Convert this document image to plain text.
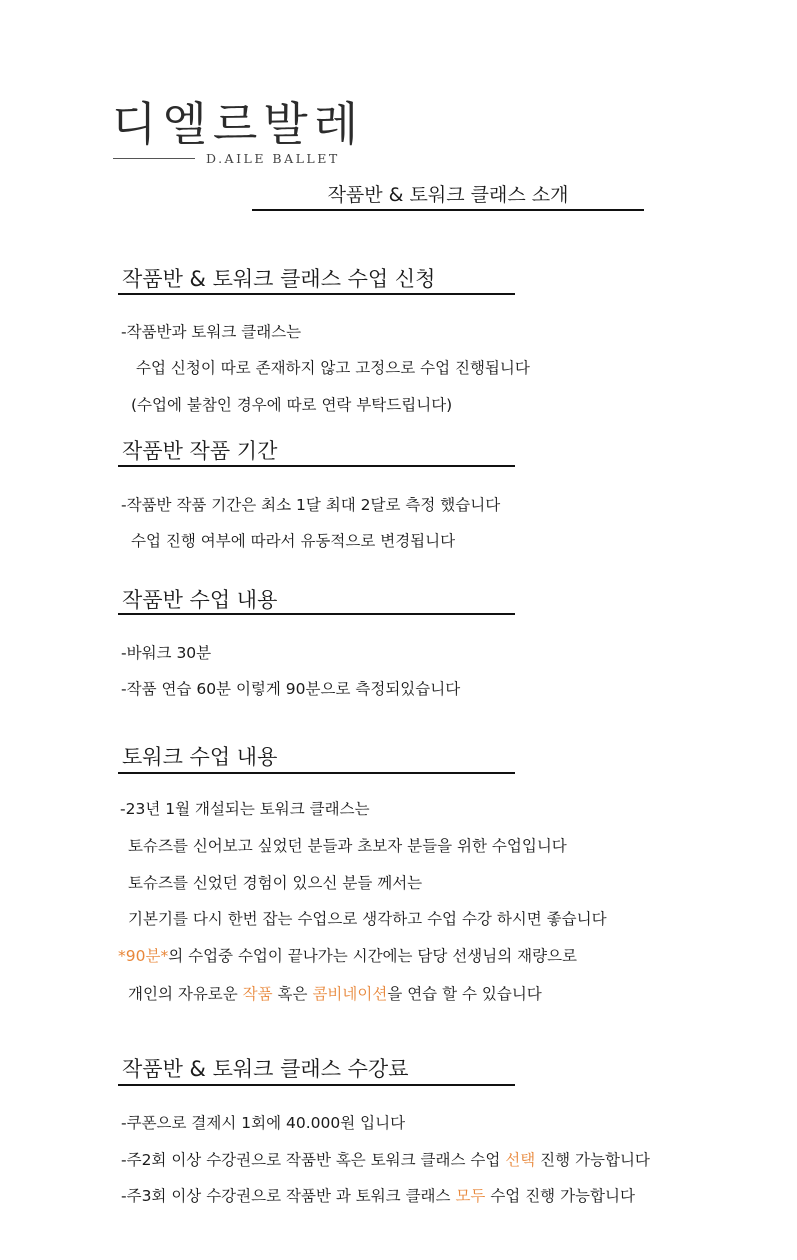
디엘르발레
D.AILE BALLET
작품반 & 토워크 클래스 소개
작품반 & 토워크 클래스 수업 신청
-작품반과 토워크 클래스는
수업 신청이 따로 존재하지 않고 고정으로 수업 진행됩니다
(수업에 불참인 경우에 따로 연락 부탁드립니다)
작품반 작품 기간
-작품반 작품 기간은 최소 1달 최대 2달로 측정 했습니다
수업 진행 여부에 따라서 유동적으로 변경됩니다
작품반 수업 내용
-바워크 30분
-작품 연습 60분 이렇게 90분으로 측정되있습니다
토워크 수업 내용
-23년 1월 개설되는 토워크 클래스는
토슈즈를 신어보고 싶었던 분들과 초보자 분들을 위한 수업입니다
토슈즈를 신었던 경험이 있으신 분들 께서는
기본기를 다시 한번 잡는 수업으로 생각하고 수업 수강 하시면 좋습니다
*90분*의 수업중 수업이 끝나가는 시간에는 담당 선생님의 재량으로
개인의 자유로운 작품 혹은 콤비네이션을 연습 할 수 있습니다
작품반 & 토워크 클래스 수강료
-쿠폰으로 결제시 1회에 40.000원 입니다
-주2회 이상 수강권으로 작품반 혹은 토워크 클래스 수업 선택 진행 가능합니다
-주3회 이상 수강권으로 작품반 과 토워크 클래스 모두 수업 진행 가능합니다
